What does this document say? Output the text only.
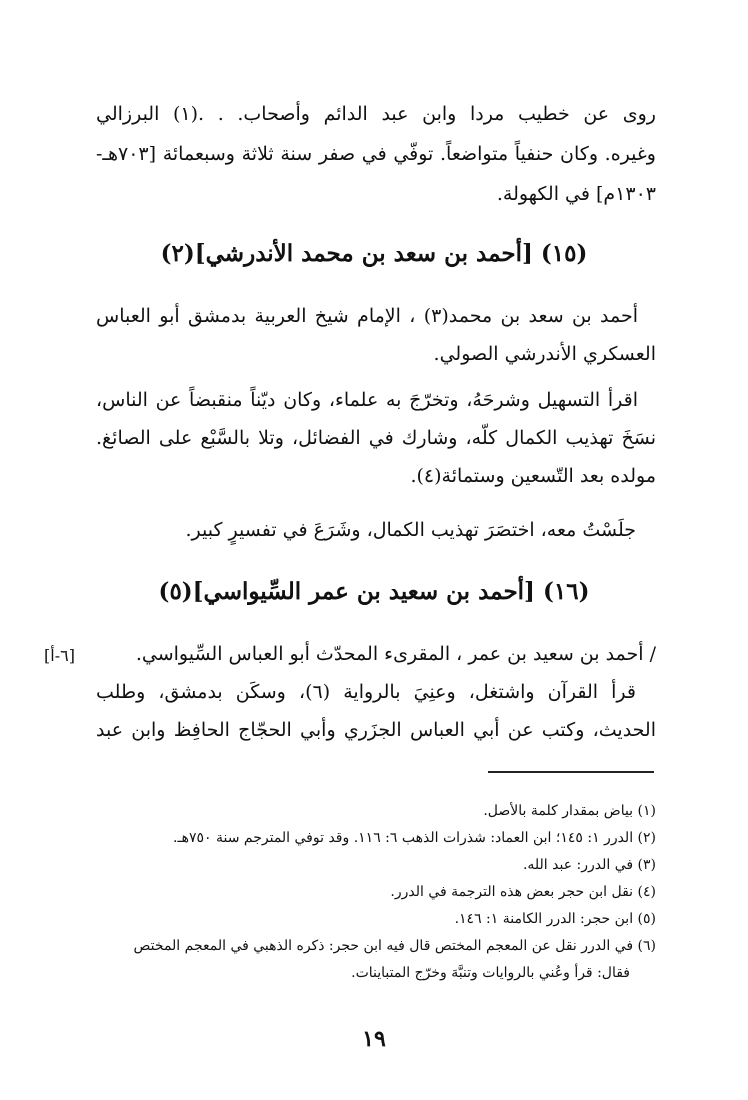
روى عن خطيب مردا وابن عبد الدائم وأصحاب. . .(١) البرزالي
وغيره. وكان حنفياً متواضعاً. توفّي في صفر سنة ثلاثة وسبعمائة [٧٠٣هـ-
١٣٠٣م] في الكهولة.
(١٥) [أحمد بن سعد بن محمد الأندرشي](٢)
أحمد بن سعد بن محمد(٣) ، الإمام شيخ العربية بدمشق أبو العباس
العسكري الأندرشي الصولي.
اقرأ التسهيل وشرحَهُ، وتخرّجَ به علماء، وكان ديّناً منقبضاً عن الناس،
نسَخَ تهذيب الكمال كلّه، وشارك في الفضائل، وتلا بالسَّبْع على الصائغ.
مولده بعد التّسعين وستمائة(٤).
جلَسْتُ معه، اختصَرَ تهذيب الكمال، وشَرَعَ في تفسيرٍ كبير.
(١٦) [أحمد بن سعيد بن عمر السِّيواسي](٥)
[٦-أ]	/ أحمد بن سعيد بن عمر ، المقرىء المحدّث أبو العباس السِّيواسي.
قرأ القرآن واشتغل، وعنِيَ بالرواية (٦)، وسكَن بدمشق، وطلب
الحديث، وكتب عن أبي العباس الجزَري وأبي الحجّاج الحافِظ وابن عبد
(١) بياض بمقدار كلمة بالأصل.
(٢) الدرر ١: ١٤٥؛ ابن العماد: شذرات الذهب ٦: ١١٦. وقد توفي المترجم سنة ٧٥٠هـ.
(٣) في الدرر: عبد الله.
(٤) نقل ابن حجر بعض هذه الترجمة في الدرر.
(٥) ابن حجر: الدرر الكامنة ١: ١٤٦.
(٦) في الدرر نقل عن المعجم المختص قال فيه ابن حجر: ذكره الذهبي في المعجم المختص
فقال: قرأ وعُني بالروايات وتنبَّهَ وخرّج المتباينات.
١٩
